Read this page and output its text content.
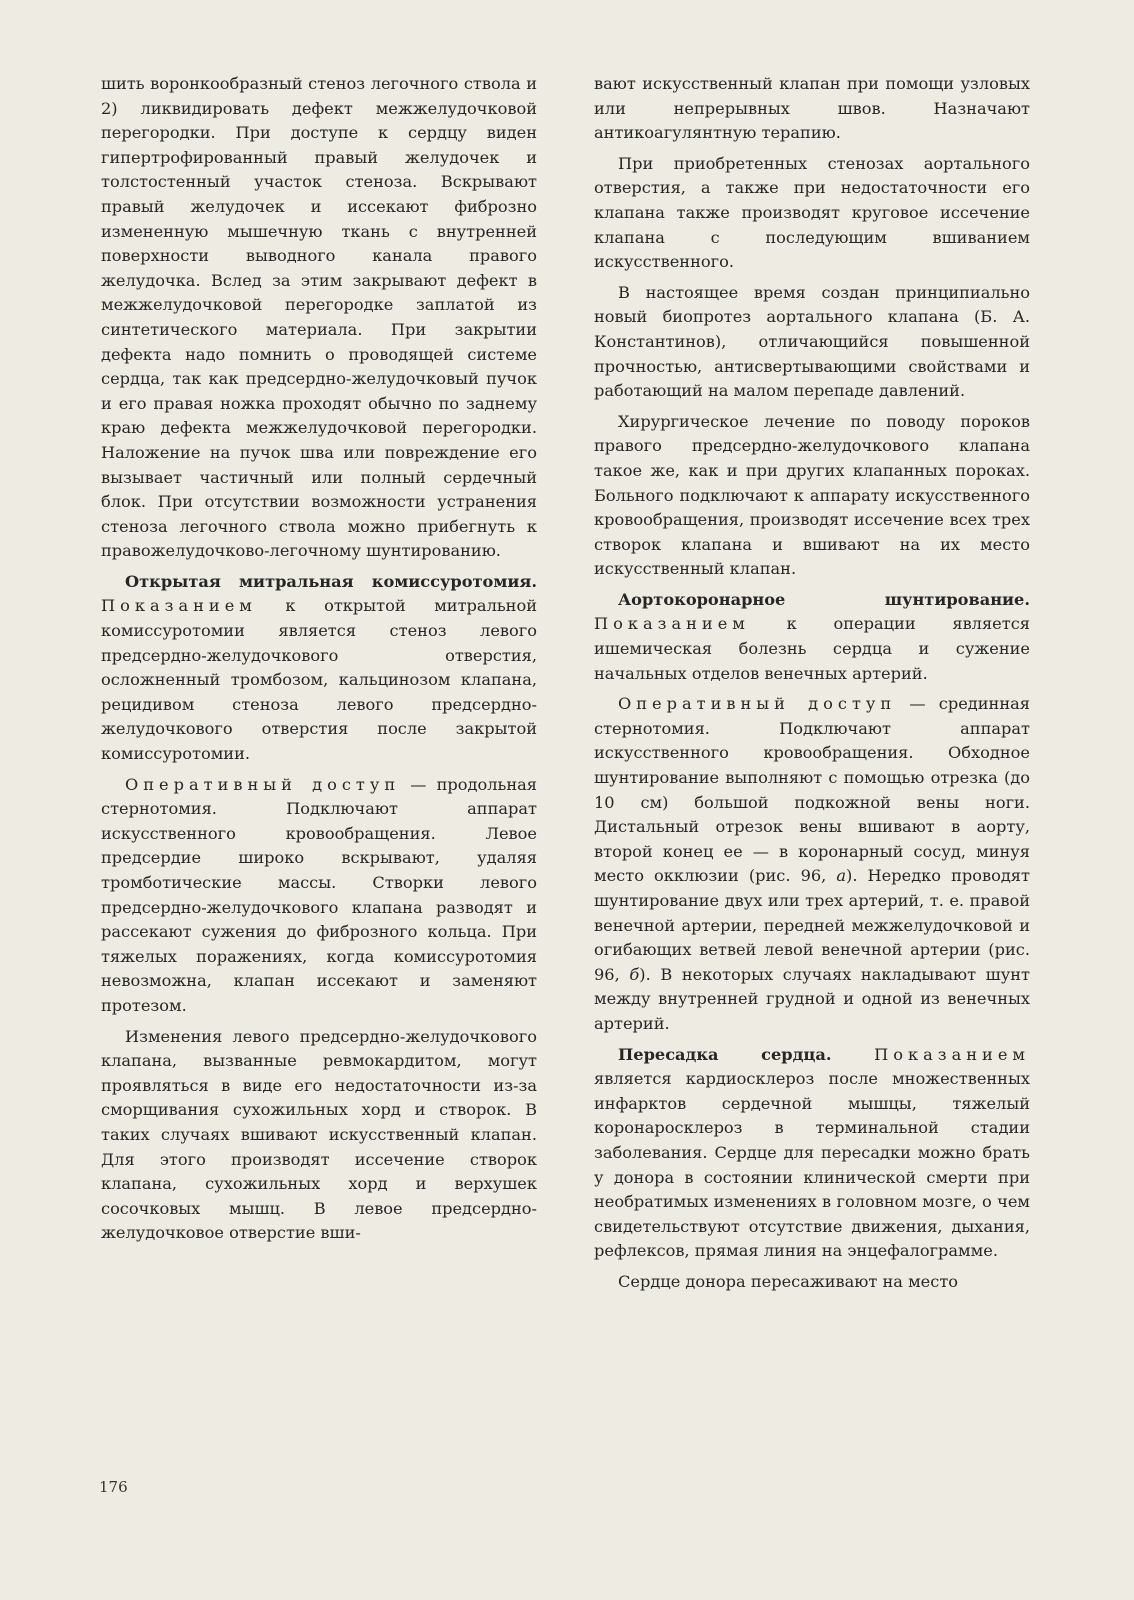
шить воронкообразный стеноз легочного ствола и 2) ликвидировать дефект межжелудочковой перегородки. При доступе к сердцу виден гипертрофированный правый желудочек и толстостенный участок стеноза. Вскрывают правый желудочек и иссекают фиброзно измененную мышечную ткань с внутренней поверхности выводного канала правого желудочка. Вслед за этим закрывают дефект в межжелудочковой перегородке заплатой из синтетического материала. При закрытии дефекта надо помнить о проводящей системе сердца, так как предсердно-желудочковый пучок и его правая ножка проходят обычно по заднему краю дефекта межжелудочковой перегородки. Наложение на пучок шва или повреждение его вызывает частичный или полный сердечный блок. При отсутствии возможности устранения стеноза легочного ствола можно прибегнуть к правожелудочково-легочному шунтированию.

Открытая митральная комиссуротомия. Показанием к открытой митральной комиссуротомии является стеноз левого предсердно-желудочкового отверстия, осложненный тромбозом, кальцинозом клапана, рецидивом стеноза левого предсердно-желудочкового отверстия после закрытой комиссуротомии.

Оперативный доступ — продольная стернотомия. Подключают аппарат искусственного кровообращения. Левое предсердие широко вскрывают, удаляя тромботические массы. Створки левого предсердно-желудочкового клапана разводят и рассекают сужения до фиброзного кольца. При тяжелых поражениях, когда комиссуротомия невозможна, клапан иссекают и заменяют протезом.

Изменения левого предсердно-желудочкового клапана, вызванные ревмокардитом, могут проявляться в виде его недостаточности из-за сморщивания сухожильных хорд и створок. В таких случаях вшивают искусственный клапан. Для этого производят иссечение створок клапана, сухожильных хорд и верхушек сосочковых мышц. В левое предсердно-желудочковое отверстие вши-

вают искусственный клапан при помощи узловых или непрерывных швов. Назначают антикоагулянтную терапию.

При приобретенных стенозах аортального отверстия, а также при недостаточности его клапана также производят круговое иссечение клапана с последующим вшиванием искусственного.

В настоящее время создан принципиально новый биопротез аортального клапана (Б. А. Константинов), отличающийся повышенной прочностью, антисвертывающими свойствами и работающий на малом перепаде давлений.

Хирургическое лечение по поводу пороков правого предсердно-желудочкового клапана такое же, как и при других клапанных пороках. Больного подключают к аппарату искусственного кровообращения, производят иссечение всех трех створок клапана и вшивают на их место искусственный клапан.

Аортокоронарное шунтирование. Показанием к операции является ишемическая болезнь сердца и сужение начальных отделов венечных артерий.

Оперативный доступ — срединная стернотомия. Подключают аппарат искусственного кровообращения. Обходное шунтирование выполняют с помощью отрезка (до 10 см) большой подкожной вены ноги. Дистальный отрезок вены вшивают в аорту, второй конец ее — в коронарный сосуд, минуя место окклюзии (рис. 96, а). Нередко проводят шунтирование двух или трех артерий, т. е. правой венечной артерии, передней межжелудочковой и огибающих ветвей левой венечной артерии (рис. 96, б). В некоторых случаях накладывают шунт между внутренней грудной и одной из венечных артерий.

Пересадка сердца. Показанием является кардиосклероз после множественных инфарктов сердечной мышцы, тяжелый коронаросклероз в терминальной стадии заболевания. Сердце для пересадки можно брать у донора в состоянии клинической смерти при необратимых изменениях в головном мозге, о чем свидетельствуют отсутствие движения, дыхания, рефлексов, прямая линия на энцефалограмме.

Сердце донора пересаживают на место

176
